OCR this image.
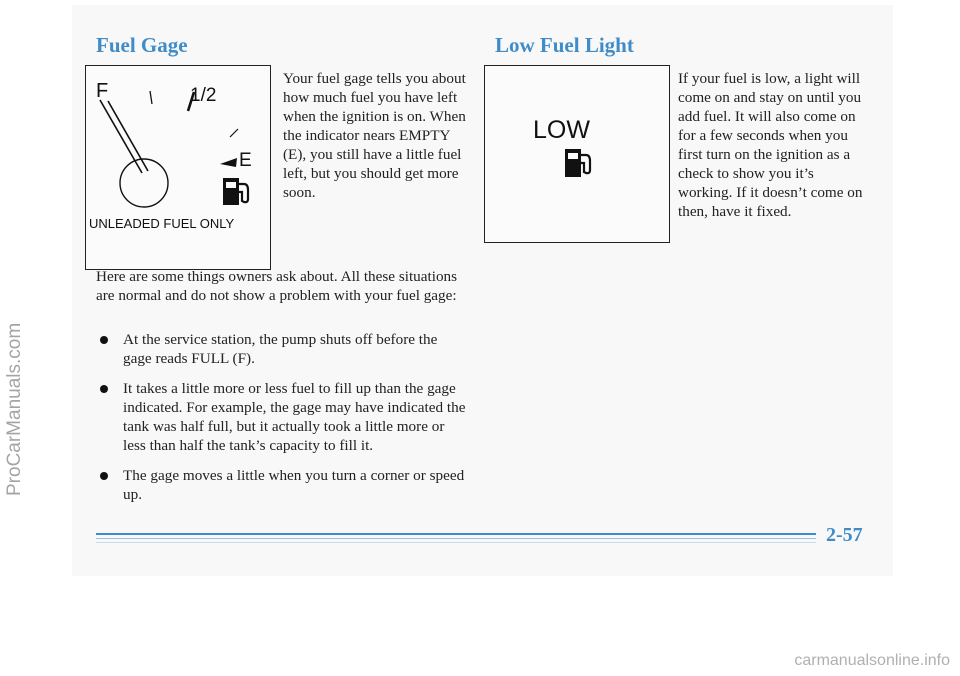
Fuel Gage
F	1/2
E
UNLEADED FUEL ONLY
Your fuel gage tells you about how much fuel you have left when the ignition is on. When the indicator nears EMPTY (E), you still have a little fuel left, but you should get more soon.
Here are some things owners ask about. All these situations are normal and do not show a problem with your fuel gage:
At the service station, the pump shuts off before the gage reads FULL (F).
It takes a little more or less fuel to fill up than the gage indicated. For example, the gage may have indicated the tank was half full, but it actually took a little more or less than half the tank’s capacity to fill it.
The gage moves a little when you turn a corner or speed up.
Low Fuel Light
LOW
If your fuel is low, a light will come on and stay on until you add fuel. It will also come on for a few seconds when you first turn on the ignition as a check to show you it’s working. If it doesn’t come on then, have it fixed.
2-57
ProCarManuals.com
carmanualsonline.info
